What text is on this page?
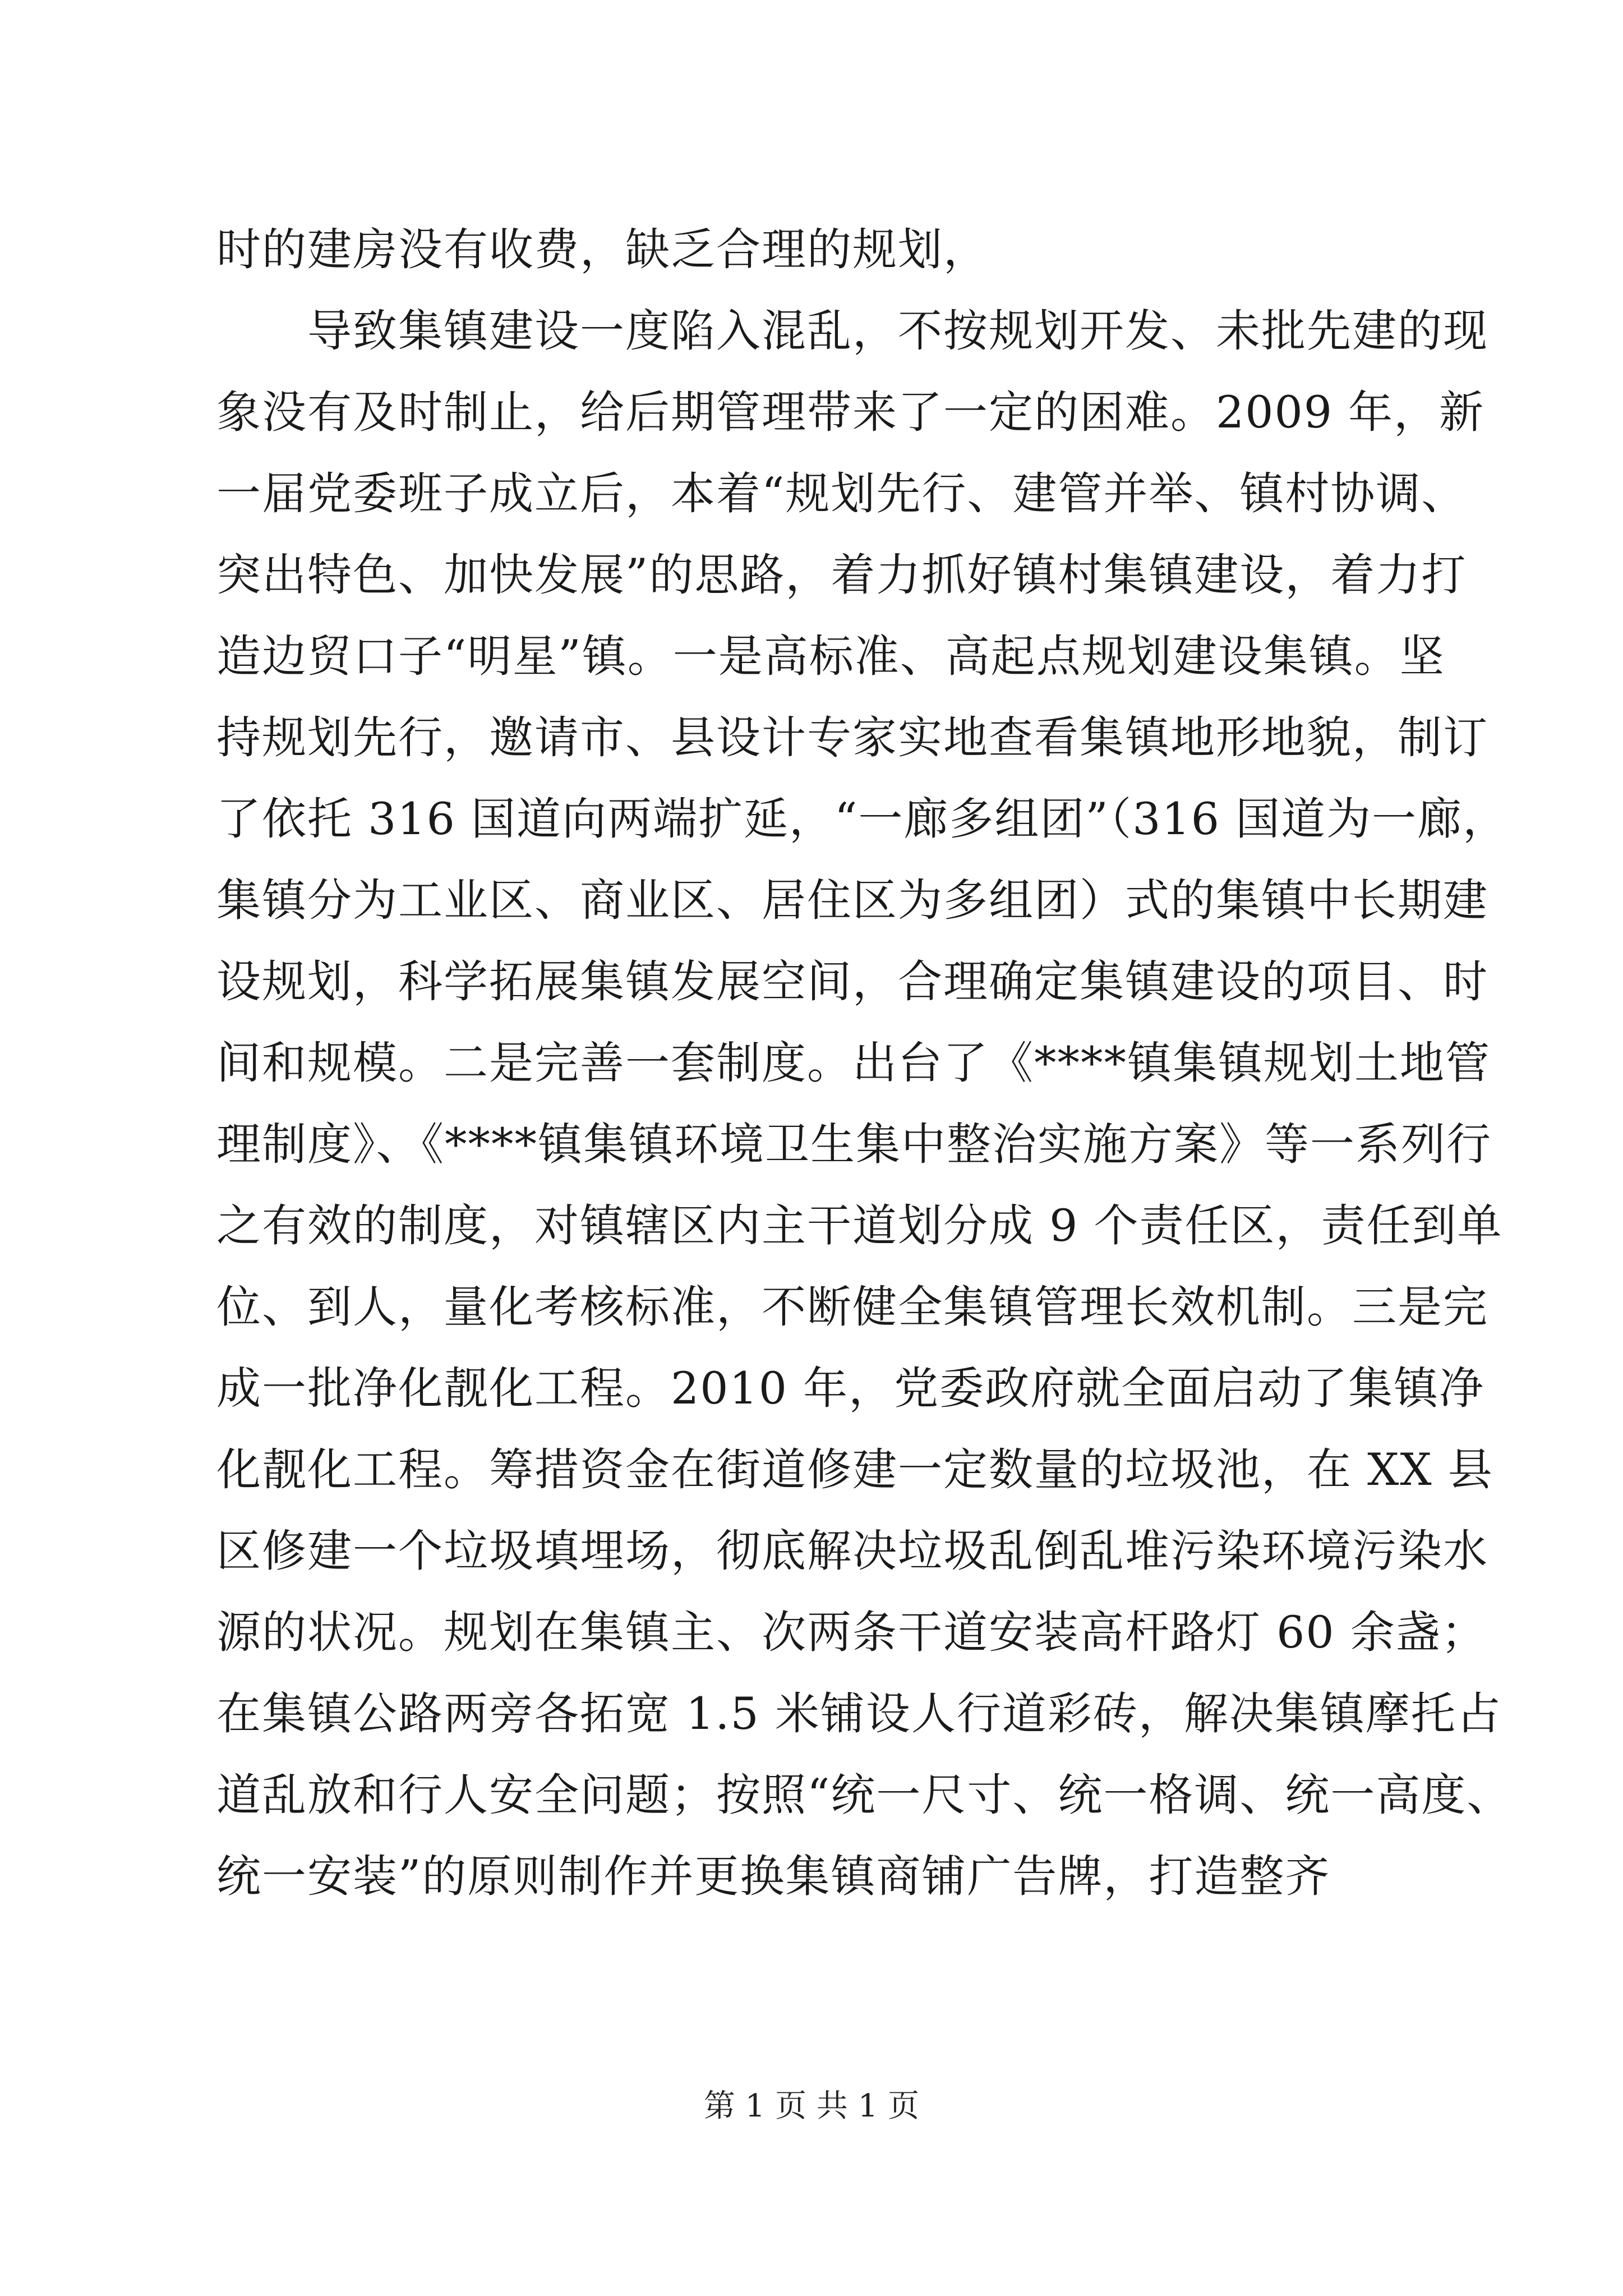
时的建房没有收费，缺乏合理的规划，
　　导致集镇建设一度陷入混乱，不按规划开发、未批先建的现
象没有及时制止，给后期管理带来了一定的困难。2009 年，新
一届党委班子成立后，本着“规划先行、建管并举、镇村协调、
突出特色、加快发展”的思路，着力抓好镇村集镇建设，着力打
造边贸口子“明星”镇。一是高标准、高起点规划建设集镇。坚
持规划先行，邀请市、县设计专家实地查看集镇地形地貌，制订
了依托 316 国道向两端扩延，“一廊多组团”（316 国道为一廊，
集镇分为工业区、商业区、居住区为多组团）式的集镇中长期建
设规划，科学拓展集镇发展空间，合理确定集镇建设的项目、时
间和规模。二是完善一套制度。出台了《****镇集镇规划土地管
理制度》、《****镇集镇环境卫生集中整治实施方案》等一系列行
之有效的制度，对镇辖区内主干道划分成 9 个责任区，责任到单
位、到人，量化考核标准，不断健全集镇管理长效机制。三是完
成一批净化靓化工程。2010 年，党委政府就全面启动了集镇净
化靓化工程。筹措资金在街道修建一定数量的垃圾池，在 XX 县
区修建一个垃圾填埋场，彻底解决垃圾乱倒乱堆污染环境污染水
源的状况。规划在集镇主、次两条干道安装高杆路灯 60 余盏；
在集镇公路两旁各拓宽 1.5 米铺设人行道彩砖，解决集镇摩托占
道乱放和行人安全问题；按照“统一尺寸、统一格调、统一高度、
统一安装”的原则制作并更换集镇商铺广告牌，打造整齐
第 1 页 共 1 页
